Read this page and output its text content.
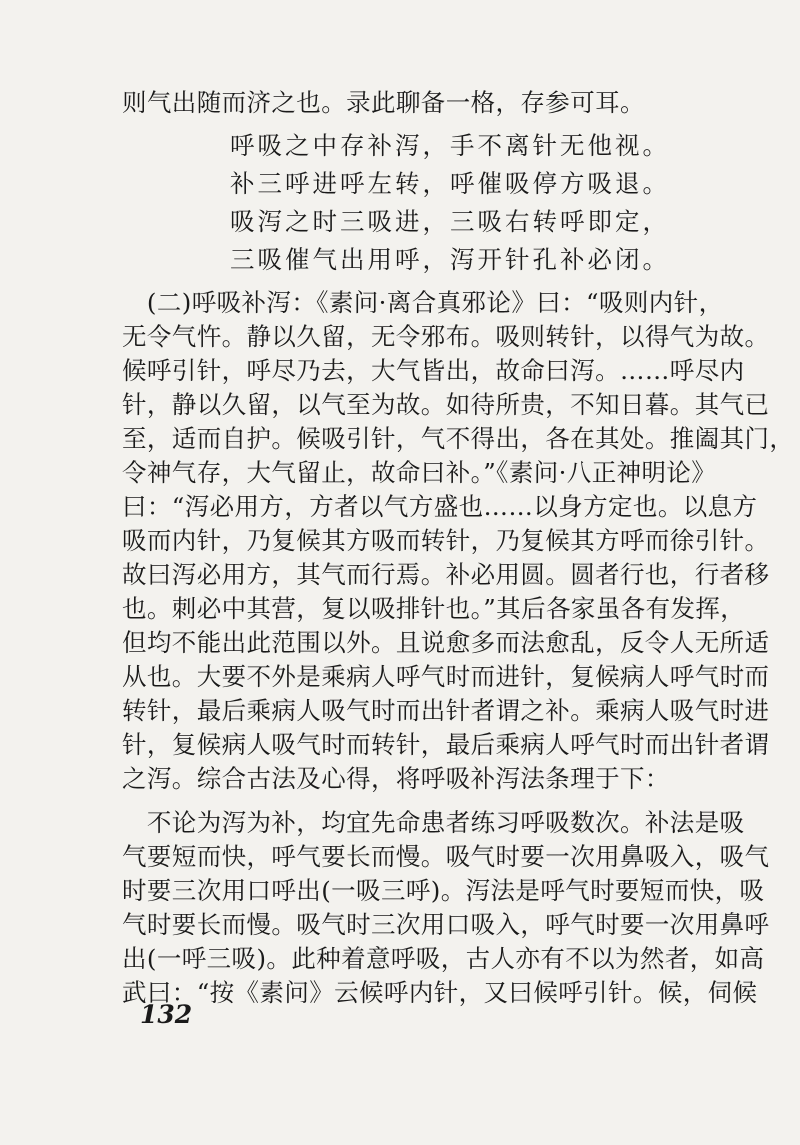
则气出随而济之也。录此聊备一格，存参可耳。
呼吸之中存补泻，手不离针无他视。
补三呼进呼左转，呼催吸停方吸退。
吸泻之时三吸进，三吸右转呼即定，
三吸催气出用呼，泻开针孔补必闭。
　(二)呼吸补泻：《素问·离合真邪论》曰：“吸则内针，
无令气忤。静以久留，无令邪布。吸则转针，以得气为故。
候呼引针，呼尽乃去，大气皆出，故命曰泻。……呼尽内
针，静以久留，以气至为故。如待所贵，不知日暮。其气已
至，适而自护。候吸引针，气不得出，各在其处。推阖其门，
令神气存，大气留止，故命曰补。”《素问·八正神明论》
曰：“泻必用方，方者以气方盛也……以身方定也。以息方
吸而内针，乃复候其方吸而转针，乃复候其方呼而徐引针。
故曰泻必用方，其气而行焉。补必用圆。圆者行也，行者移
也。刺必中其营，复以吸排针也。”其后各家虽各有发挥，
但均不能出此范围以外。且说愈多而法愈乱，反令人无所适
从也。大要不外是乘病人呼气时而进针，复候病人呼气时而
转针，最后乘病人吸气时而出针者谓之补。乘病人吸气时进
针，复候病人吸气时而转针，最后乘病人呼气时而出针者谓
之泻。综合古法及心得，将呼吸补泻法条理于下：
　不论为泻为补，均宜先命患者练习呼吸数次。补法是吸
气要短而快，呼气要长而慢。吸气时要一次用鼻吸入，吸气
时要三次用口呼出(一吸三呼)。泻法是呼气时要短而快，吸
气时要长而慢。吸气时三次用口吸入，呼气时要一次用鼻呼
出(一呼三吸)。此种着意呼吸，古人亦有不以为然者，如高
武曰：“按《素问》云候呼内针，又曰候呼引针。候，伺候
132
